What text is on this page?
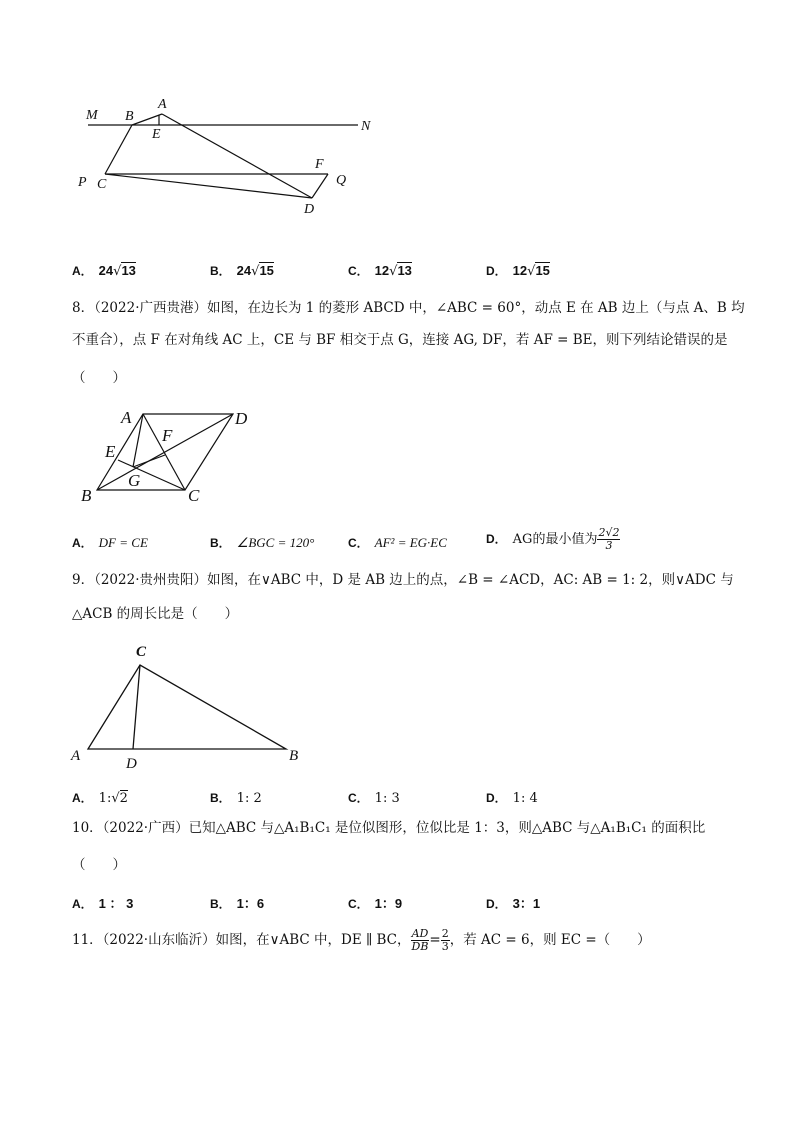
M B
A
E
N
F
P C	Q
D
A． 24√13	B． 24√15	C． 12√13	D． 12√15
8．（2022·广西贵港）如图，在边长为 1 的菱形 ABCD 中，∠ABC = 60°，动点 E 在 AB 边上（与点 A、B 均
不重合），点 F 在对角线 AC 上，CE 与 BF 相交于点 G，连接 AG, DF，若 AF = BE，则下列结论错误的是
（　　）
A	D
F
E
G
B	C
A． DF = CE	B． ∠BGC = 120°	C． AF² = EG·EC	D． AG的最小值为 $\frac{2√2}{3}$
9．（2022·贵州贵阳）如图，在∨ABC 中，D 是 AB 边上的点，∠B = ∠ACD，AC: AB = 1: 2，则∨ADC 与
△ACB 的周长比是（　　）
C
A	D	B
A． 1:√2	B． 1: 2	C． 1: 3	D． 1: 4
10．（2022·广西）已知△ABC 与△A₁B₁C₁ 是位似图形，位似比是 1：3，则△ABC 与△A₁B₁C₁ 的面积比
（　　）
A． 1 ： 3	B． 1：6	C． 1：9	D． 3：1
11．（2022·山东临沂）如图，在∨ABC 中，DE ∥ BC， $\frac{AD}{DB} = \frac{2}{3}$ ，若 AC = 6，则 EC =（　　）
